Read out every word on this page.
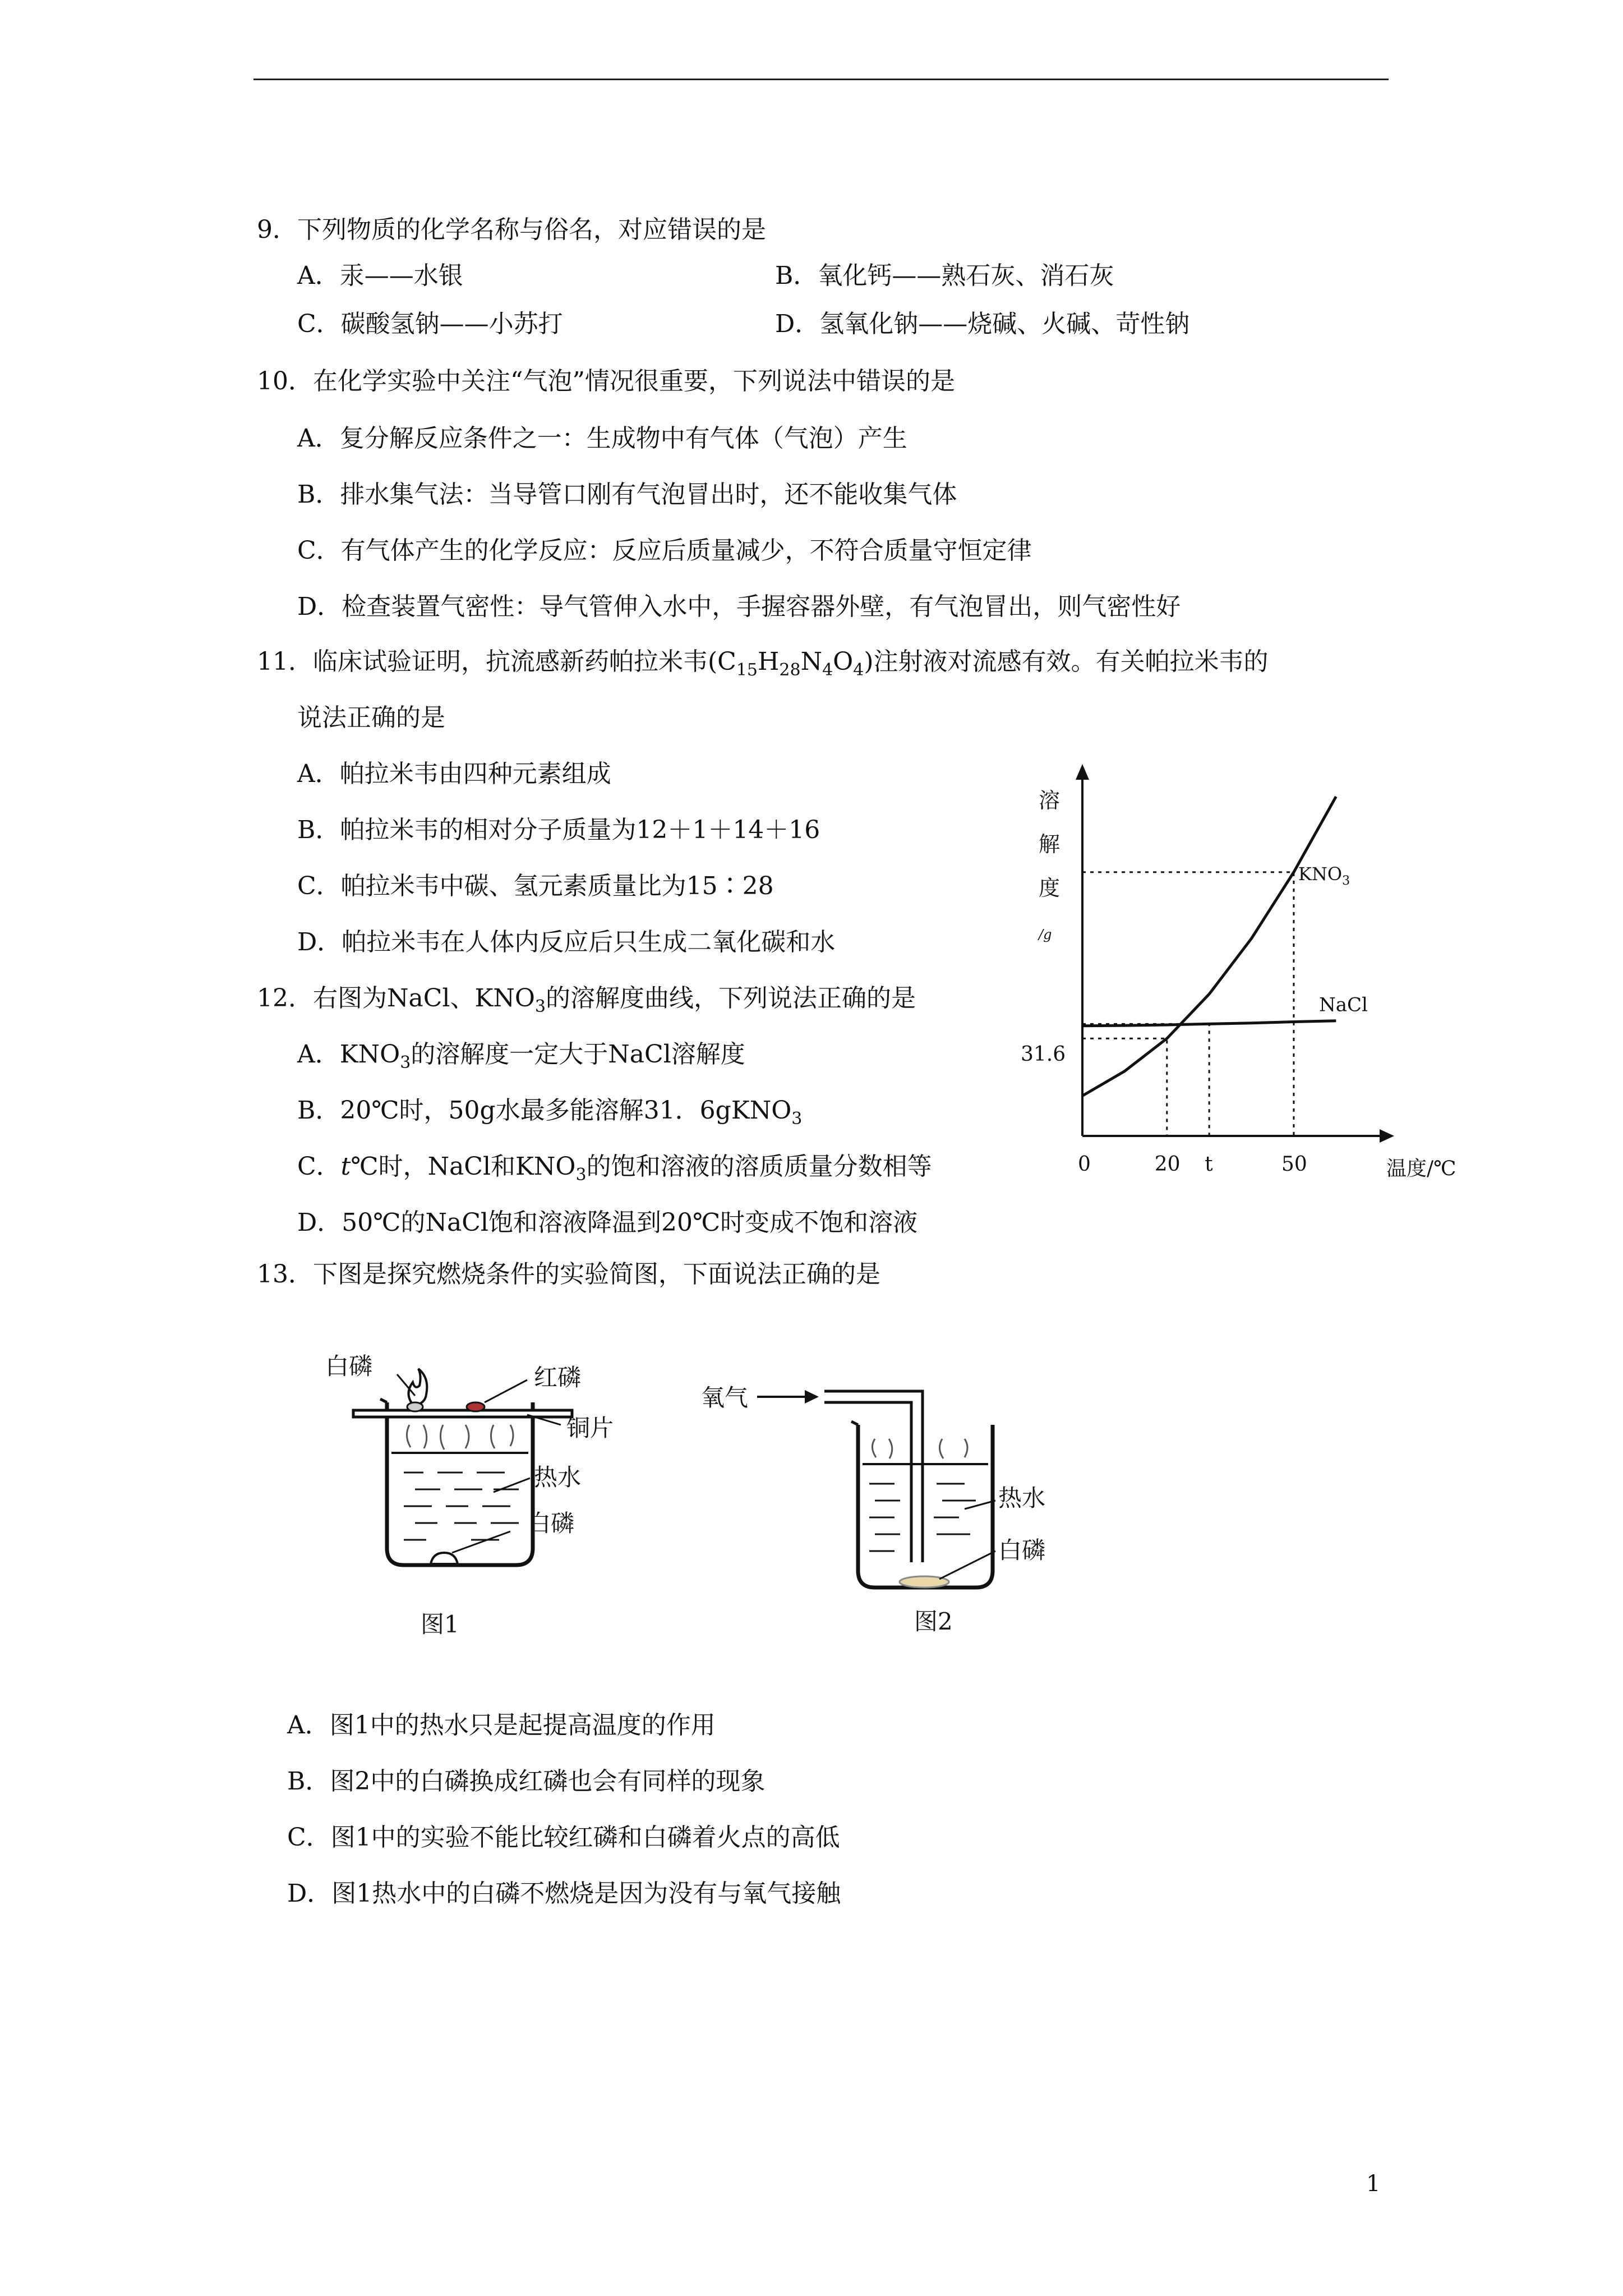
9．下列物质的化学名称与俗名，对应错误的是
A．汞——水银	B．氧化钙——熟石灰、消石灰
C．碳酸氢钠——小苏打	D．氢氧化钠——烧碱、火碱、苛性钠
10．在化学实验中关注“气泡”情况很重要，下列说法中错误的是
A．复分解反应条件之一：生成物中有气体（气泡）产生
B．排水集气法：当导管口刚有气泡冒出时，还不能收集气体
C．有气体产生的化学反应：反应后质量减少，不符合质量守恒定律
D．检查装置气密性：导气管伸入水中，手握容器外壁，有气泡冒出，则气密性好
11．临床试验证明，抗流感新药帕拉米韦$(C_{15}H_{28}N_4O_4)$注射液对流感有效。有关帕拉米韦的
说法正确的是
A．帕拉米韦由四种元素组成
B．帕拉米韦的相对分子质量为12＋1＋14＋16
C．帕拉米韦中碳、氢元素质量比为15∶28
D．帕拉米韦在人体内反应后只生成二氧化碳和水
12．右图为NaCl、$KNO_3$的溶解度曲线，下列说法正确的是
A．$KNO_3$的溶解度一定大于NaCl溶解度
B．20℃时，50g水最多能溶解31．6gKNO$_3$
C．t℃时，NaCl和$KNO_3$的饱和溶液的溶质质量分数相等
D．50℃的NaCl饱和溶液降温到20℃时变成不饱和溶液
$KNO_3$
NaCl
溶
解
度
/g
31.6
0	20 t	50	温度/℃
13．下图是探究燃烧条件的实验简图，下面说法正确的是
白磷	红磷
铜片
热水
白磷
图1
氧气
热水
白磷
图2
A．图1中的热水只是起提高温度的作用
B．图2中的白磷换成红磷也会有同样的现象
C．图1中的实验不能比较红磷和白磷着火点的高低
D．图1热水中的白磷不燃烧是因为没有与氧气接触
1
